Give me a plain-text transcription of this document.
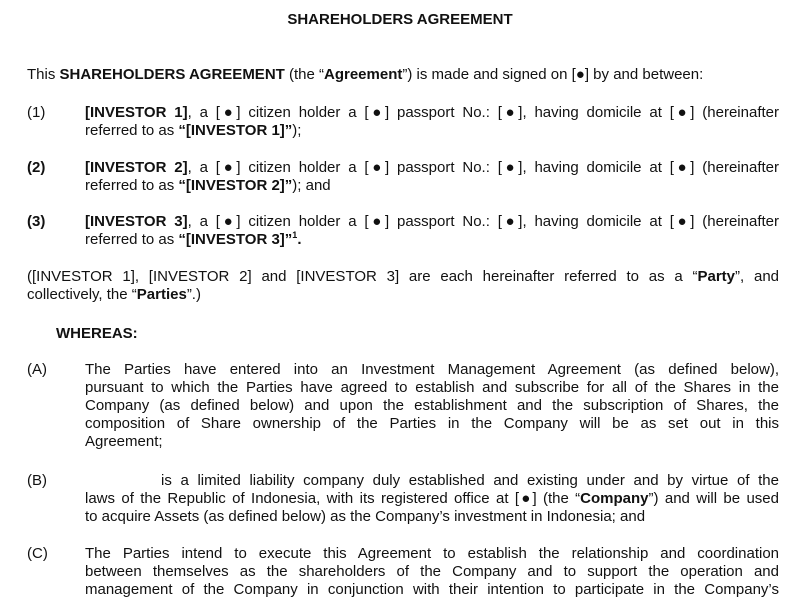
SHAREHOLDERS AGREEMENT
This SHAREHOLDERS AGREEMENT (the “Agreement”) is made and signed on [●] by and between:
(1)	[INVESTOR 1], a [●] citizen holder a [●] passport No.: [●], having domicile at [●] (hereinafter
referred to as “[INVESTOR 1]”);
(2)	[INVESTOR 2], a [●] citizen holder a [●] passport No.: [●], having domicile at [●] (hereinafter
referred to as “[INVESTOR 2]”); and
(3)	[INVESTOR 3], a [●] citizen holder a [●] passport No.: [●], having domicile at [●] (hereinafter
referred to as “[INVESTOR 3]”$^1$.
([INVESTOR 1], [INVESTOR 2] and [INVESTOR 3] are each hereinafter referred to as a “Party”, and
collectively, the “Parties”.)
WHEREAS:
(A)	The Parties have entered into an Investment Management Agreement (as defined below),
pursuant to which the Parties have agreed to establish and subscribe for all of the Shares in the
Company (as defined below) and upon the establishment and the subscription of Shares, the
composition of Share ownership of the Parties in the Company will be as set out in this
Agreement;
(B)	is a limited liability company duly established and existing under and by virtue of the
laws of the Republic of Indonesia, with its registered office at [●] (the “Company”) and will be used
to acquire Assets (as defined below) as the Company’s investment in Indonesia; and
(C)	The Parties intend to execute this Agreement to establish the relationship and coordination
between themselves as the shareholders of the Company and to support the operation and
management of the Company in conjunction with their intention to participate in the Company’s
